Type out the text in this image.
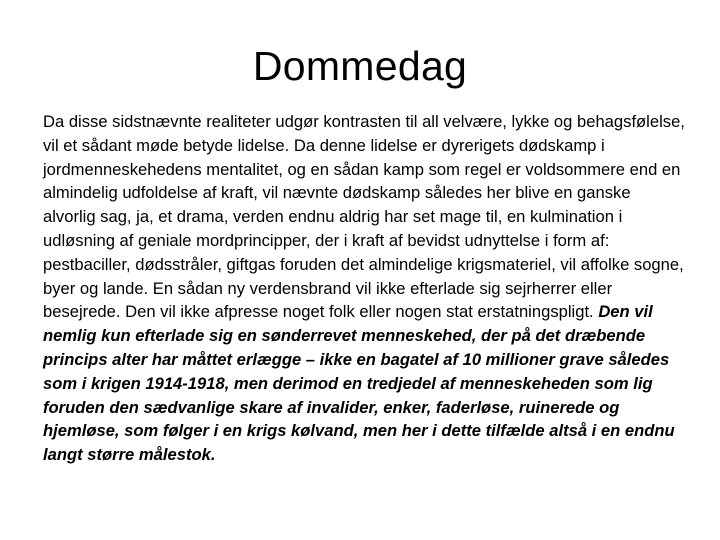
Dommedag

Da disse sidstnævnte realiteter udgør kontrasten til all velvære, lykke og behagsfølelse, vil et sådant møde betyde lidelse. Da denne lidelse er dyrerigets dødskamp i jordmenneskehedens mentalitet, og en sådan kamp som regel er voldsommere end en almindelig udfoldelse af kraft, vil nævnte dødskamp således her blive en ganske alvorlig sag, ja, et drama, verden endnu aldrig har set mage til, en kulmination i udløsning af geniale mordprincipper, der i kraft af bevidst udnyttelse i form af: pestbaciller, dødsstråler, giftgas foruden det almindelige krigsmateriel, vil affolke sogne, byer og lande. En sådan ny verdensbrand vil ikke efterlade sig sejrherrer eller besejrede. Den vil ikke afpresse noget folk eller nogen stat erstatningspligt. Den vil nemlig kun efterlade sig en sønderrevet menneskehed, der på det dræbende princips alter har måttet erlægge – ikke en bagatel af 10 millioner grave således som i krigen 1914-1918, men derimod en tredjedel af menneskeheden som lig foruden den sædvanlige skare af invalider, enker, faderløse, ruinerede og hjemløse, som følger i en krigs kølvand, men her i dette tilfælde altså i en endnu langt større målestok.
